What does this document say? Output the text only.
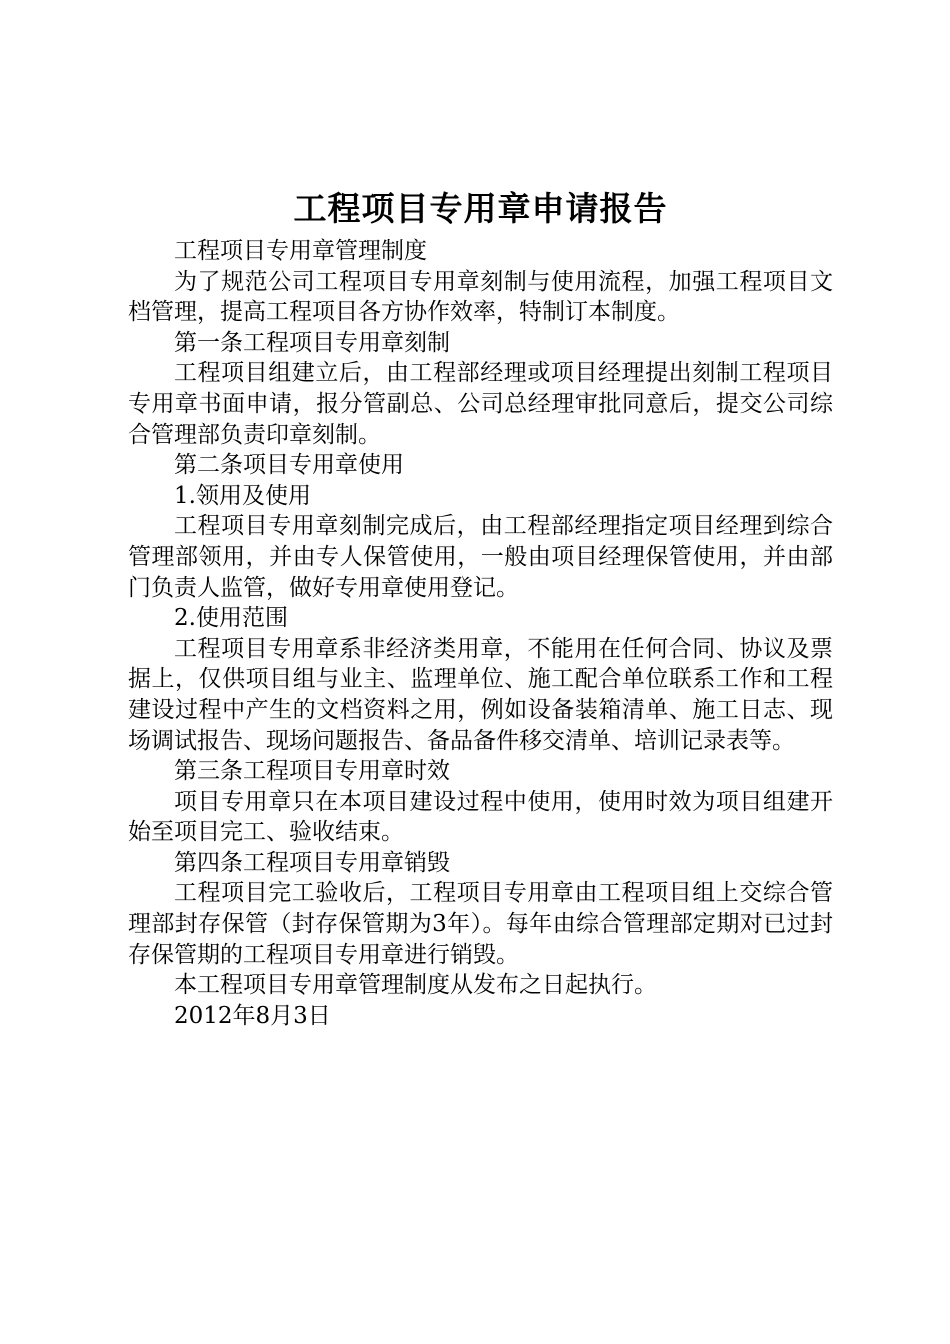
工程项目专用章申请报告

工程项目专用章管理制度

为了规范公司工程项目专用章刻制与使用流程，加强工程项目文档管理，提高工程项目各方协作效率，特制订本制度。

第一条工程项目专用章刻制

工程项目组建立后，由工程部经理或项目经理提出刻制工程项目专用章书面申请，报分管副总、公司总经理审批同意后，提交公司综合管理部负责印章刻制。

第二条项目专用章使用

1.领用及使用

工程项目专用章刻制完成后，由工程部经理指定项目经理到综合管理部领用，并由专人保管使用，一般由项目经理保管使用，并由部门负责人监管，做好专用章使用登记。

2.使用范围

工程项目专用章系非经济类用章，不能用在任何合同、协议及票据上，仅供项目组与业主、监理单位、施工配合单位联系工作和工程建设过程中产生的文档资料之用，例如设备装箱清单、施工日志、现场调试报告、现场问题报告、备品备件移交清单、培训记录表等。

第三条工程项目专用章时效

项目专用章只在本项目建设过程中使用，使用时效为项目组建开始至项目完工、验收结束。

第四条工程项目专用章销毁

工程项目完工验收后，工程项目专用章由工程项目组上交综合管理部封存保管（封存保管期为3年）。每年由综合管理部定期对已过封存保管期的工程项目专用章进行销毁。

本工程项目专用章管理制度从发布之日起执行。

2012年8月3日
